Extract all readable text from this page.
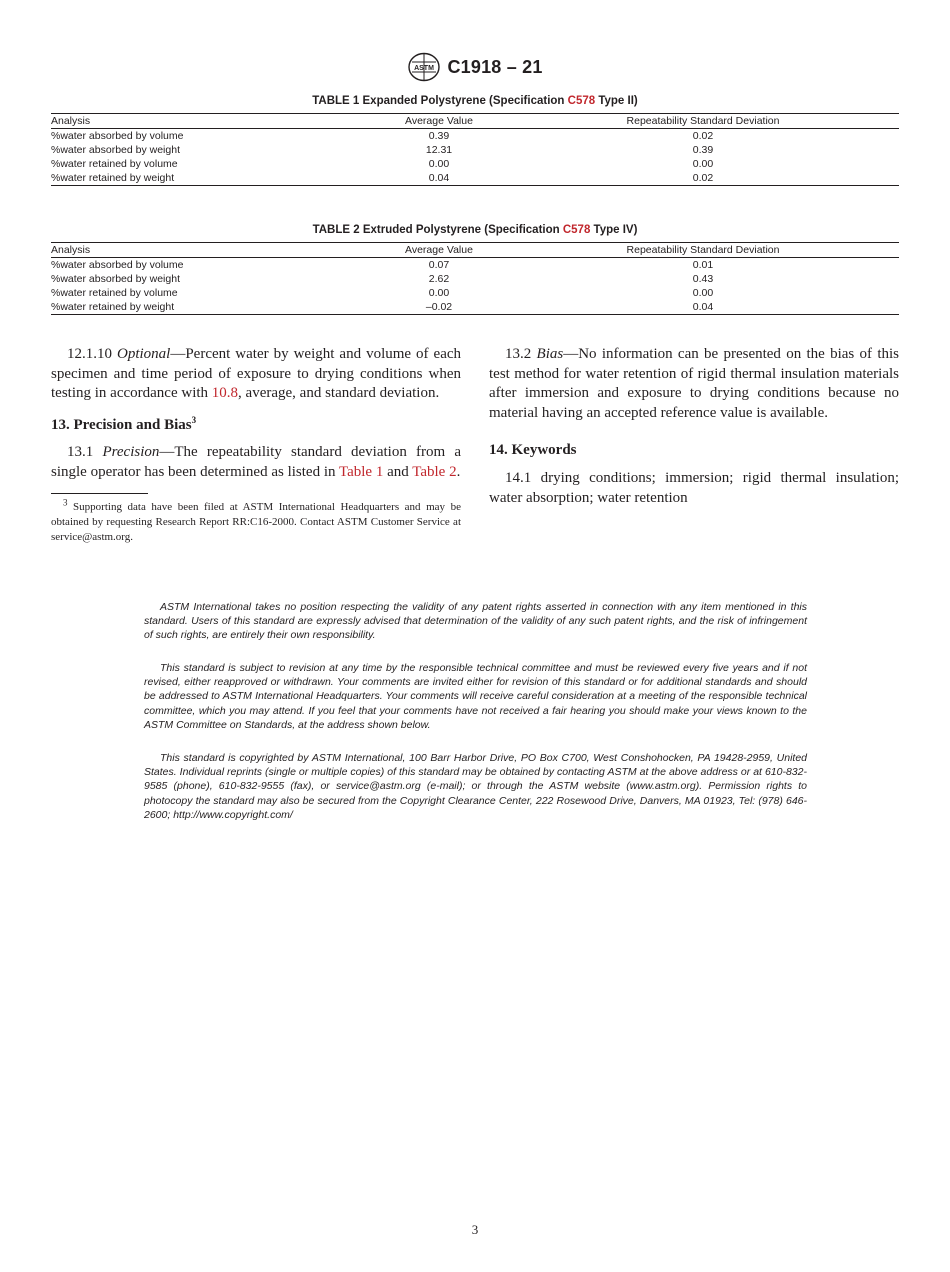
ASTM C1918 – 21
TABLE 1 Expanded Polystyrene (Specification C578 Type II)
Analysis	Average Value	Repeatability Standard Deviation
%water absorbed by volume	0.39	0.02
%water absorbed by weight	12.31	0.39
%water retained by volume	0.00	0.00
%water retained by weight	0.04	0.02
TABLE 2 Extruded Polystyrene (Specification C578 Type IV)
Analysis	Average Value	Repeatability Standard Deviation
%water absorbed by volume	0.07	0.01
%water absorbed by weight	2.62	0.43
%water retained by volume	0.00	0.00
%water retained by weight	–0.02	0.04

12.1.10 Optional—Percent water by weight and volume of each specimen and time period of exposure to drying conditions when testing in accordance with 10.8, average, and standard deviation.

13. Precision and Bias$^3$

13.1 Precision—The repeatability standard deviation from a single operator has been determined as listed in Table 1 and Table 2.

$^3$ Supporting data have been filed at ASTM International Headquarters and may be obtained by requesting Research Report RR:C16-2000. Contact ASTM Customer Service at service@astm.org.

13.2 Bias—No information can be presented on the bias of this test method for water retention of rigid thermal insulation materials after immersion and exposure to drying conditions because no material having an accepted reference value is available.

14. Keywords

14.1 drying conditions; immersion; rigid thermal insulation; water absorption; water retention

ASTM International takes no position respecting the validity of any patent rights asserted in connection with any item mentioned in this standard. Users of this standard are expressly advised that determination of the validity of any such patent rights, and the risk of infringement of such rights, are entirely their own responsibility.

This standard is subject to revision at any time by the responsible technical committee and must be reviewed every five years and if not revised, either reapproved or withdrawn. Your comments are invited either for revision of this standard or for additional standards and should be addressed to ASTM International Headquarters. Your comments will receive careful consideration at a meeting of the responsible technical committee, which you may attend. If you feel that your comments have not received a fair hearing you should make your views known to the ASTM Committee on Standards, at the address shown below.

This standard is copyrighted by ASTM International, 100 Barr Harbor Drive, PO Box C700, West Conshohocken, PA 19428-2959, United States. Individual reprints (single or multiple copies) of this standard may be obtained by contacting ASTM at the above address or at 610-832-9585 (phone), 610-832-9555 (fax), or service@astm.org (e-mail); or through the ASTM website (www.astm.org). Permission rights to photocopy the standard may also be secured from the Copyright Clearance Center, 222 Rosewood Drive, Danvers, MA 01923, Tel: (978) 646-2600; http://www.copyright.com/

3
